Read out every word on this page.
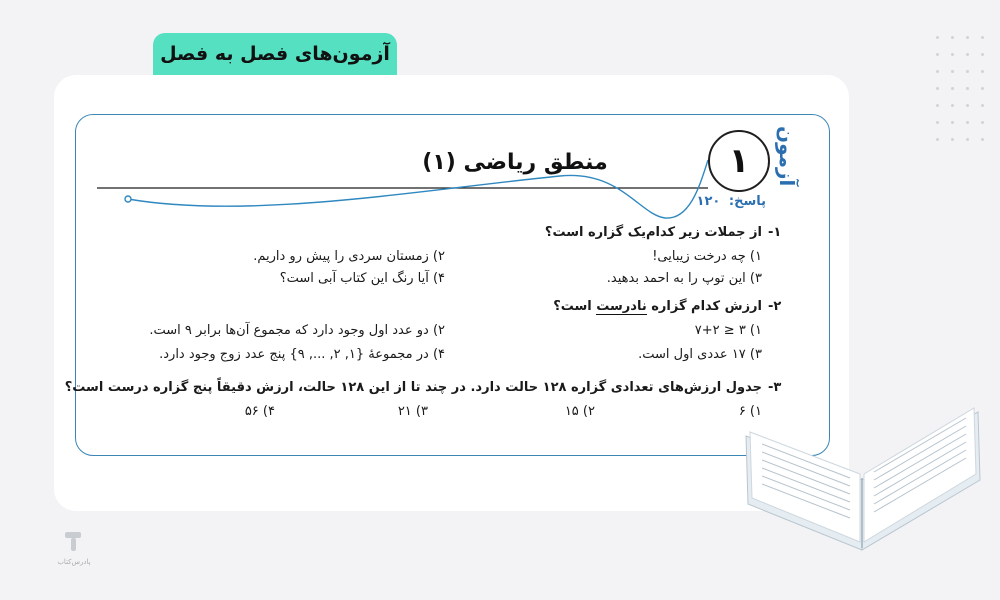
آزمون‌های فصل به فصل
آزمون
۱
منطق ریاضی (۱)
پاسخ: ۱۲۰
-۱
از جملات زیر کدام‌یک گزاره است؟
۱) چه درخت زیبایی!
۲) زمستان سردی را پیش رو داریم.
۳) این توپ را به احمد بدهید.
۴) آیا رنگ این کتاب آبی است؟
-۲
ارزش کدام گزاره نادرست است؟
۱) ۳ ≤ ۷+۲
۲) دو عدد اول وجود دارد که مجموع آن‌ها برابر ۹ است.
۳) ۱۷ عددی اول است.
۴) در مجموعهٔ {۱, ۲, ..., ۹} پنج عدد زوج وجود دارد.
-۳
جدول ارزش‌های تعدادی گزاره ۱۲۸ حالت دارد. در چند تا از این ۱۲۸ حالت، ارزش دقیقاً پنج گزاره درست است؟
۱) ۶
۲) ۱۵
۳) ۲۱
۴) ۵۶
پادرس‌کتاب
